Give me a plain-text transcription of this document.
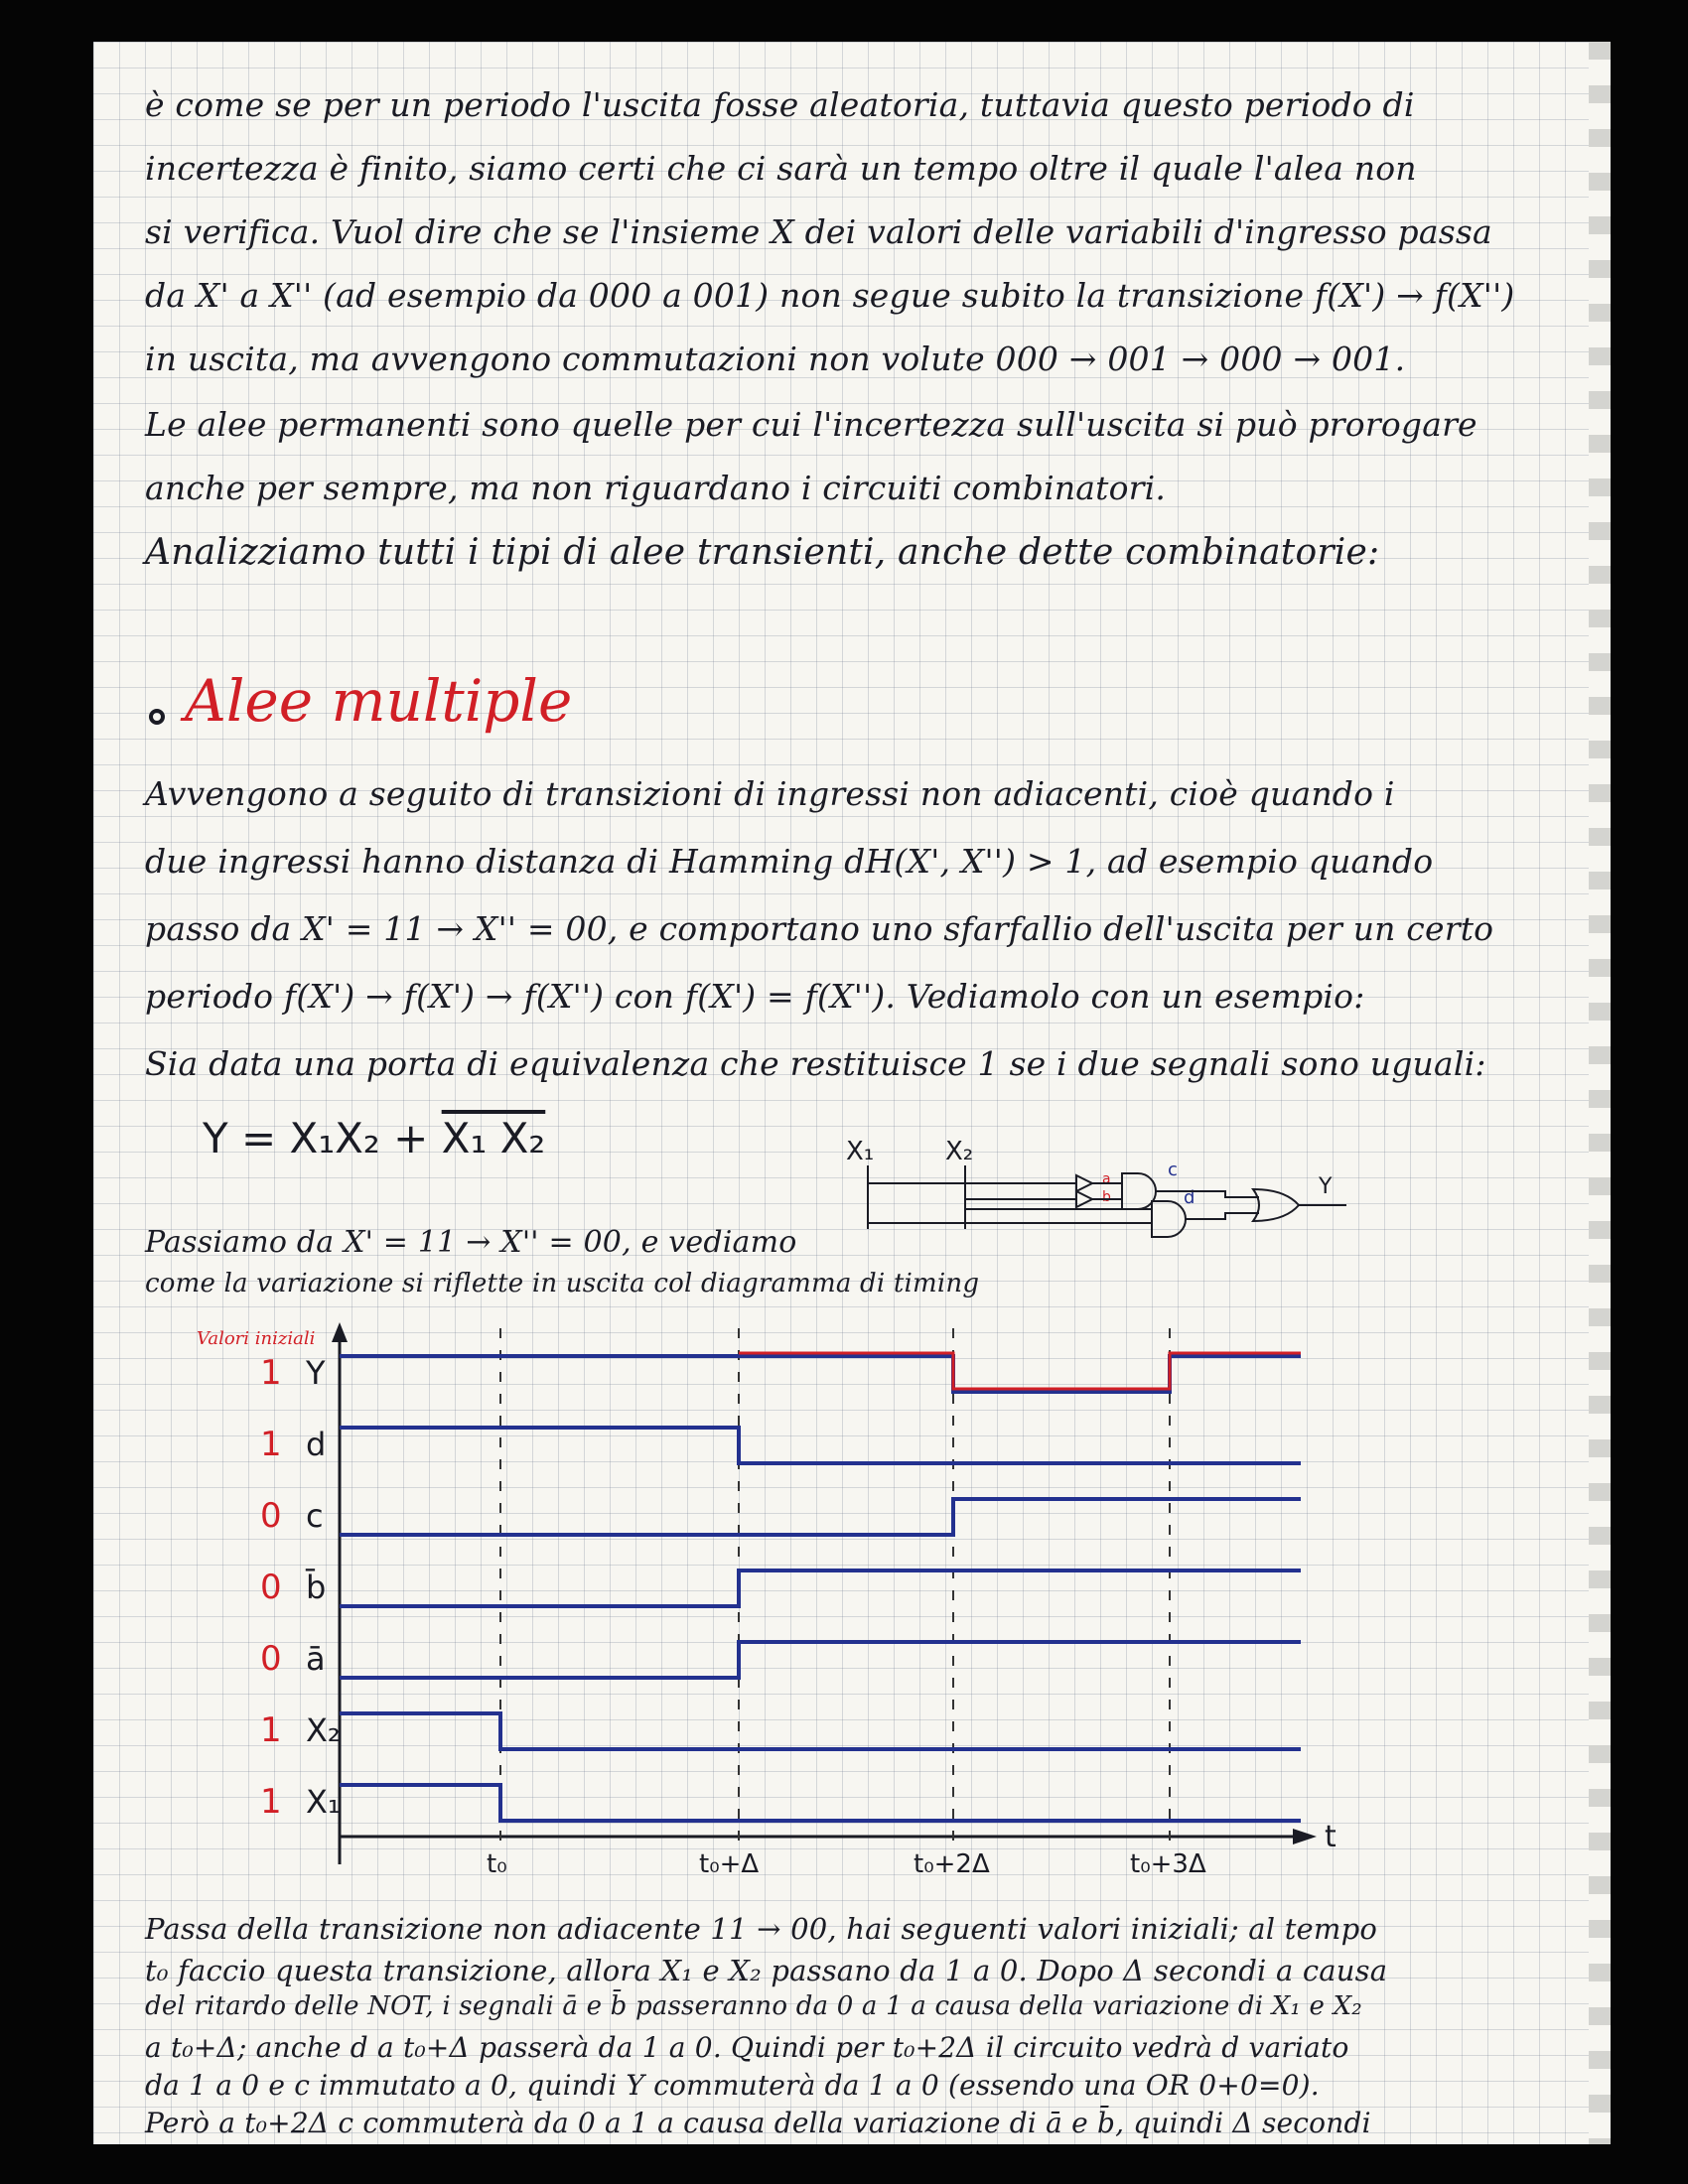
è come se per un periodo l'uscita fosse aleatoria, tuttavia questo periodo di
incertezza è finito, siamo certi che ci sarà un tempo oltre il quale l'alea non
si verifica. Vuol dire che se l'insieme X dei valori delle variabili d'ingresso passa
da X' a X'' (ad esempio da 000 a 001) non segue subito la transizione f(X') → f(X'')
in uscita, ma avvengono commutazioni non volute 000 → 001 → 000 → 001.
Le alee permanenti sono quelle per cui l'incertezza sull'uscita si può prorogare
anche per sempre, ma non riguardano i circuiti combinatori.
Analizziamo tutti i tipi di alee transienti, anche dette combinatorie:
Alee multiple
Avvengono a seguito di transizioni di ingressi non adiacenti, cioè quando i
due ingressi hanno distanza di Hamming dH(X', X'') > 1, ad esempio quando
passo da X' = 11 → X'' = 00, e comportano uno sfarfallio dell'uscita per un certo
periodo f(X') → f(X') → f(X'') con f(X') = f(X''). Vediamolo con un esempio:
Sia data una porta di equivalenza che restituisce 1 se i due segnali sono uguali:
Y = X₁X₂ + X₁ X₂
Passiamo da X' = 11 → X'' = 00, e vediamo
come la variazione si riflette in uscita col diagramma di timing
Passa della transizione non adiacente 11 → 00, hai seguenti valori iniziali; al tempo
t₀ faccio questa transizione, allora X₁ e X₂ passano da 1 a 0. Dopo Δ secondi a causa
del ritardo delle NOT, i segnali ā e b̄ passeranno da 0 a 1 a causa della variazione di X₁ e X₂
a t₀+Δ; anche d a t₀+Δ passerà da 1 a 0. Quindi per t₀+2Δ il circuito vedrà d variato
da 1 a 0 e c immutato a 0, quindi Y commuterà da 1 a 0 (essendo una OR 0+0=0).
Però a t₀+2Δ c commuterà da 0 a 1 a causa della variazione di ā e b̄, quindi Δ secondi
X₁	X₂
a
b
c
d	Y
Valori iniziali
t
t₀	t₀+Δ	t₀+2Δ	t₀+3Δ
1 Y
1 d
0 c
0 b̄
0 ā
1 X₂
1 X₁
